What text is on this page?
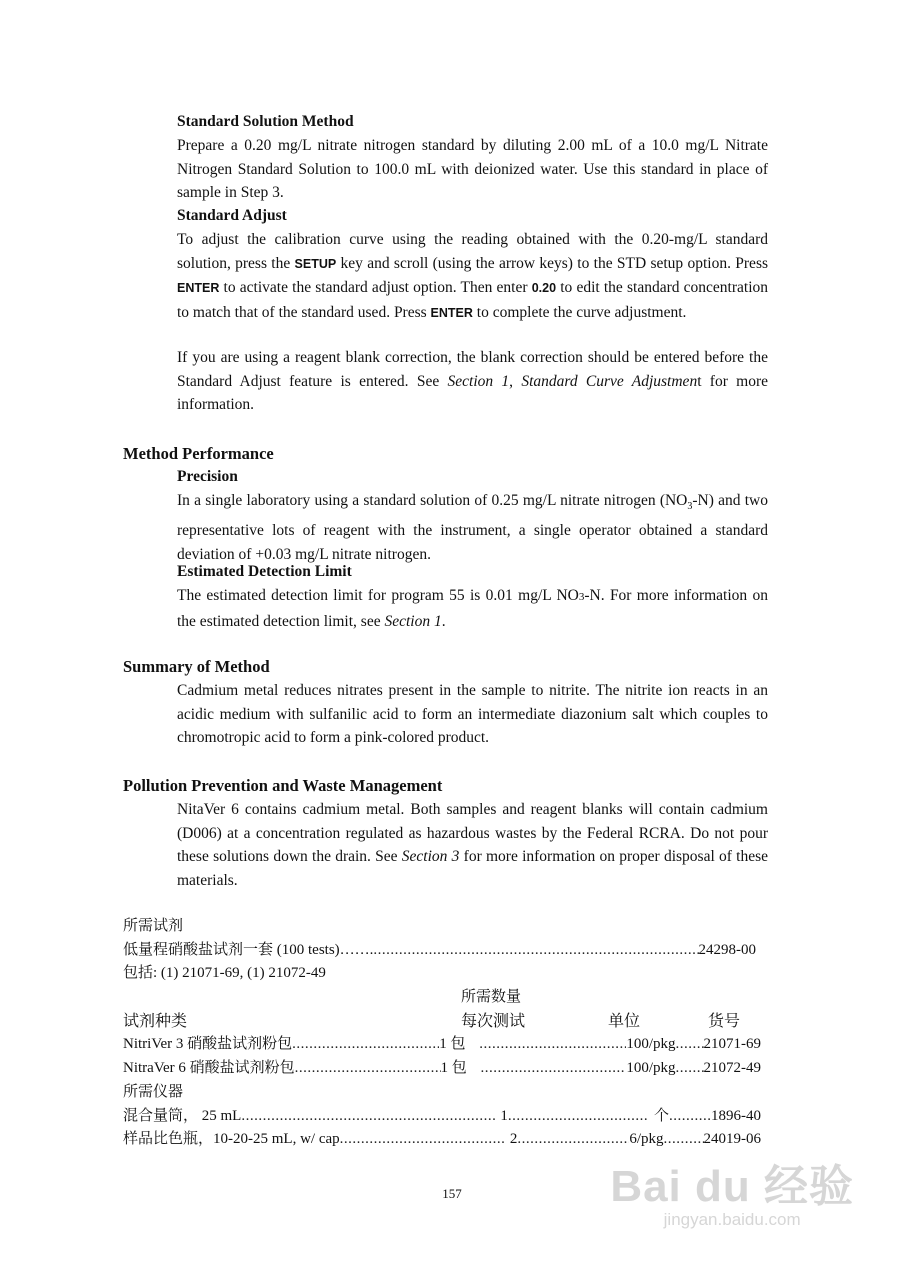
Standard Solution Method
Prepare a 0.20 mg/L nitrate nitrogen standard by diluting 2.00 mL of a 10.0 mg/L Nitrate Nitrogen Standard Solution to 100.0 mL with deionized water. Use this standard in place of sample in Step 3.
Standard Adjust
To adjust the calibration curve using the reading obtained with the 0.20-mg/L standard solution, press the SETUP key and scroll (using the arrow keys) to the STD setup option. Press ENTER to activate the standard adjust option. Then enter 0.20 to edit the standard concentration to match that of the standard used. Press ENTER to complete the curve adjustment.
If you are using a reagent blank correction, the blank correction should be entered before the Standard Adjust feature is entered. See Section 1, Standard Curve Adjustment for more information.
Method Performance
Precision
In a single laboratory using a standard solution of 0.25 mg/L nitrate nitrogen $(NO_3-N)$ and two representative lots of reagent with the instrument, a single operator obtained a standard deviation of +0.03 mg/L nitrate nitrogen.
Estimated Detection Limit
The estimated detection limit for program 55 is 0.01 mg/L NO3-N. For more information on the estimated detection limit, see Section 1.
Summary of Method
Cadmium metal reduces nitrates present in the sample to nitrite. The nitrite ion reacts in an acidic medium with sulfanilic acid to form an intermediate diazonium salt which couples to chromotropic acid to form a pink-colored product.
Pollution Prevention and Waste Management
NitaVer 6 contains cadmium metal. Both samples and reagent blanks will contain cadmium (D006) at a concentration regulated as hazardous wastes by the Federal RCRA. Do not pour these solutions down the drain. See Section 3 for more information on proper disposal of these materials.
所需试剂
低量程硝酸盐试剂一套 (100 tests)……. .....	24298-00
包括: (1) 21071-69, (1) 21072-49
所需数量
试剂种类	每次测试	单位	货号
NitriVer 3 硝酸盐试剂粉包 .....	1 包 .....	100/pkg ..... 21071-69
NitraVer 6 硝酸盐试剂粉包 .....	1 包 .....	100/pkg ..... 21072-49
所需仪器
混合量筒， 25 mL .....	1 .....	个 .....	1896-40
样品比色瓶，10-20-25 mL, w/ cap .....	2 .....	6/pkg .....	24019-06
157	Bai du 经验
jingyan.baidu.com
